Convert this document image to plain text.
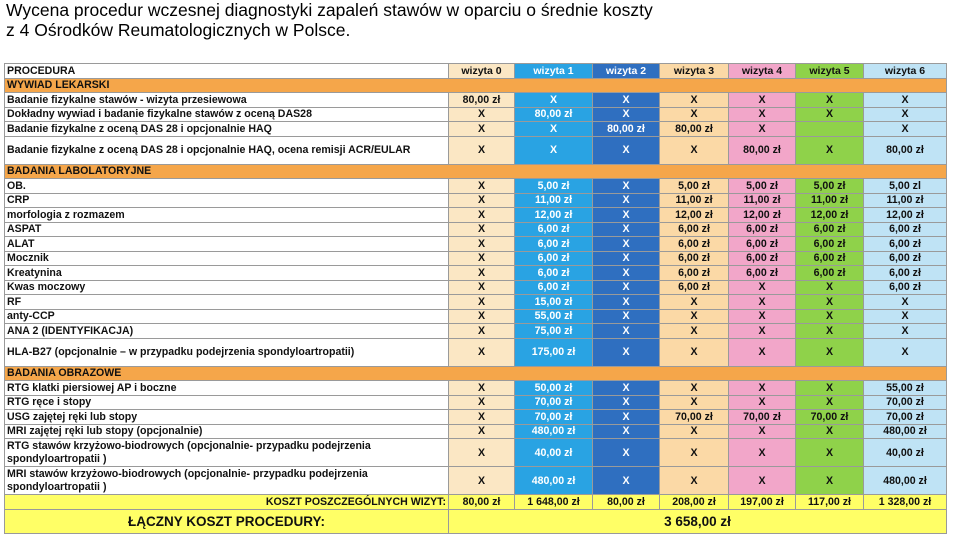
Wycena procedur wczesnej diagnostyki zapaleń stawów w oparciu o średnie koszty
z 4 Ośrodków Reumatologicznych w Polsce.
PROCEDURA	wizyta 0	wizyta 1	wizyta 2	wizyta 3	wizyta 4	wizyta 5	wizyta 6
WYWIAD LEKARSKI							
Badanie fizykalne stawów - wizyta przesiewowa	80,00 zł	X	X	X	X	X	X
Dokładny wywiad i badanie fizykalne stawów z oceną DAS28	X	80,00 zł	X	X	X	X	X
Badanie fizykalne z oceną DAS 28 i opcjonalnie HAQ	X	X	80,00 zł	80,00 zł	X		X
Badanie fizykalne z oceną DAS 28 i opcjonalnie HAQ, ocena remisji ACR/EULAR	X	X	X	X	80,00 zł	X	80,00 zł
BADANIA LABOLATORYJNE							
OB.	X	5,00 zł	X	5,00 zł	5,00 zł	5,00 zł	5,00 zl
CRP	X	11,00 zł	X	11,00 zł	11,00 zł	11,00 zł	11,00 zł
morfologia z rozmazem	X	12,00 zł	X	12,00 zł	12,00 zł	12,00 zł	12,00 zł
ASPAT	X	6,00 zł	X	6,00 zł	6,00 zł	6,00 zł	6,00 zł
ALAT	X	6,00 zł	X	6,00 zł	6,00 zł	6,00 zł	6,00 zł
Mocznik	X	6,00 zł	X	6,00 zł	6,00 zł	6,00 zł	6,00 zł
Kreatynina	X	6,00 zł	X	6,00 zł	6,00 zł	6,00 zł	6,00 zł
Kwas moczowy	X	6,00 zł	X	6,00 zł	X	X	6,00 zł
RF	X	15,00 zł	X	X	X	X	X
anty-CCP	X	55,00 zł	X	X	X	X	X
ANA 2 (IDENTYFIKACJA)	X	75,00 zł	X	X	X	X	X
HLA-B27 (opcjonalnie – w przypadku podejrzenia spondyloartropatii)	X	175,00 zł	X	X	X	X	X
BADANIA OBRAZOWE							
RTG klatki piersiowej AP i boczne	X	50,00 zł	X	X	X	X	55,00 zł
RTG ręce i stopy	X	70,00 zł	X	X	X	X	70,00 zł
USG zajętej ręki lub stopy	X	70,00 zł	X	70,00 zł	70,00 zł	70,00 zł	70,00 zł
MRI zajętej ręki lub stopy (opcjonalnie)	X	480,00 zł	X	X	X	X	480,00 zł
RTG stawów krzyżowo-biodrowych (opcjonalnie- przypadku podejrzenia spondyloartropatii )	X	40,00 zł	X	X	X	X	40,00 zł
MRI stawów krzyżowo-biodrowych (opcjonalnie- przypadku podejrzenia spondyloartropatii )	X	480,00 zł	X	X	X	X	480,00 zł
KOSZT POSZCZEGÓLNYCH WIZYT:	80,00 zł	1 648,00 zł	80,00 zł	208,00 zł	197,00 zł	117,00 zł	1 328,00 zł
ŁĄCZNY KOSZT PROCEDURY:	3 658,00 zł						
